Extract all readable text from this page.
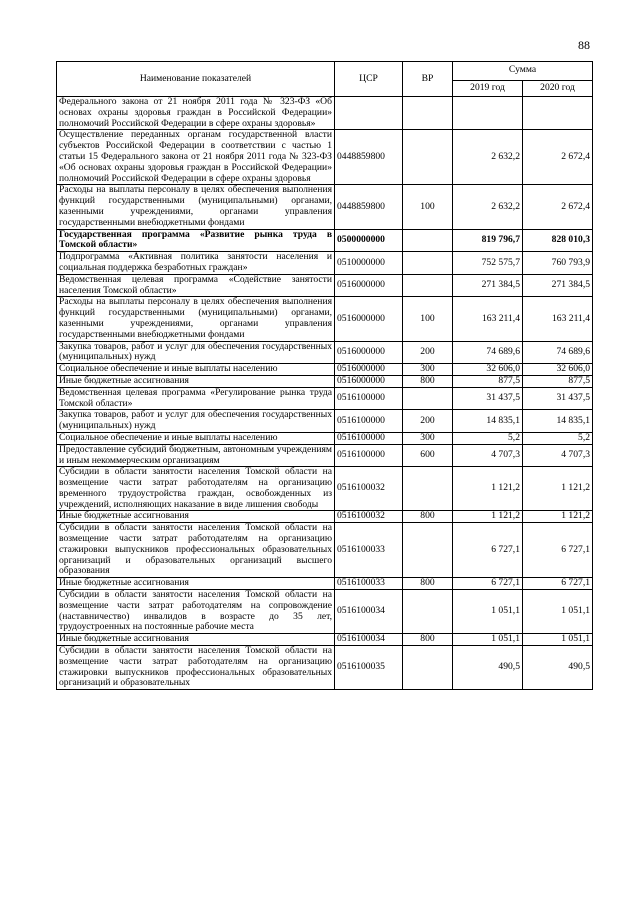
88
Наименование показателей	ЦСР	ВР	Сумма	
			2019 год	2020 год
Федерального закона от 21 ноября 2011 года № 323-ФЗ «Об основах охраны здоровья граждан в Российской Федерации» полномочий Российской Федерации в сфере охраны здоровья»				
Осуществление переданных органам государственной власти субъектов Российской Федерации в соответствии с частью 1 статьи 15 Федерального закона от 21 ноября 2011 года № 323-ФЗ «Об основах охраны здоровья граждан в Российской Федерации» полномочий Российской Федерации в сфере охраны здоровья	0448859800		2 632,2	2 672,4
Расходы на выплаты персоналу в целях обеспечения выполнения функций государственными (муниципальными) органами, казенными учреждениями, органами управления государственными внебюджетными фондами	0448859800	100	2 632,2	2 672,4
Государственная программа «Развитие рынка труда в Томской области»	0500000000		819 796,7	828 010,3
Подпрограмма «Активная политика занятости населения и социальная поддержка безработных граждан»	0510000000		752 575,7	760 793,9
Ведомственная целевая программа «Содействие занятости населения Томской области»	0516000000		271 384,5	271 384,5
Расходы на выплаты персоналу в целях обеспечения выполнения функций государственными (муниципальными) органами, казенными учреждениями, органами управления государственными внебюджетными фондами	0516000000	100	163 211,4	163 211,4
Закупка товаров, работ и услуг для обеспечения государственных (муниципальных) нужд	0516000000	200	74 689,6	74 689,6
Социальное обеспечение и иные выплаты населению	0516000000	300	32 606,0	32 606,0
Иные бюджетные ассигнования	0516000000	800	877,5	877,5
Ведомственная целевая программа «Регулирование рынка труда Томской области»	0516100000		31 437,5	31 437,5
Закупка товаров, работ и услуг для обеспечения государственных (муниципальных) нужд	0516100000	200	14 835,1	14 835,1
Социальное обеспечение и иные выплаты населению	0516100000	300	5,2	5,2
Предоставление субсидий бюджетным, автономным учреждениям и иным некоммерческим организациям	0516100000	600	4 707,3	4 707,3
Субсидии в области занятости населения Томской области на возмещение части затрат работодателям на организацию временного трудоустройства граждан, освобожденных из учреждений, исполняющих наказание в виде лишения свободы	0516100032		1 121,2	1 121,2
Иные бюджетные ассигнования	0516100032	800	1 121,2	1 121,2
Субсидии в области занятости населения Томской области на возмещение части затрат работодателям на организацию стажировки выпускников профессиональных образовательных организаций и образовательных организаций высшего образования	0516100033		6 727,1	6 727,1
Иные бюджетные ассигнования	0516100033	800	6 727,1	6 727,1
Субсидии в области занятости населения Томской области на возмещение части затрат работодателям на сопровождение (наставничество) инвалидов в возрасте до 35 лет, трудоустроенных на постоянные рабочие места	0516100034		1 051,1	1 051,1
Иные бюджетные ассигнования	0516100034	800	1 051,1	1 051,1
Субсидии в области занятости населения Томской области на возмещение части затрат работодателям на организацию стажировки выпускников профессиональных образовательных организаций и образовательных	0516100035		490,5	490,5
